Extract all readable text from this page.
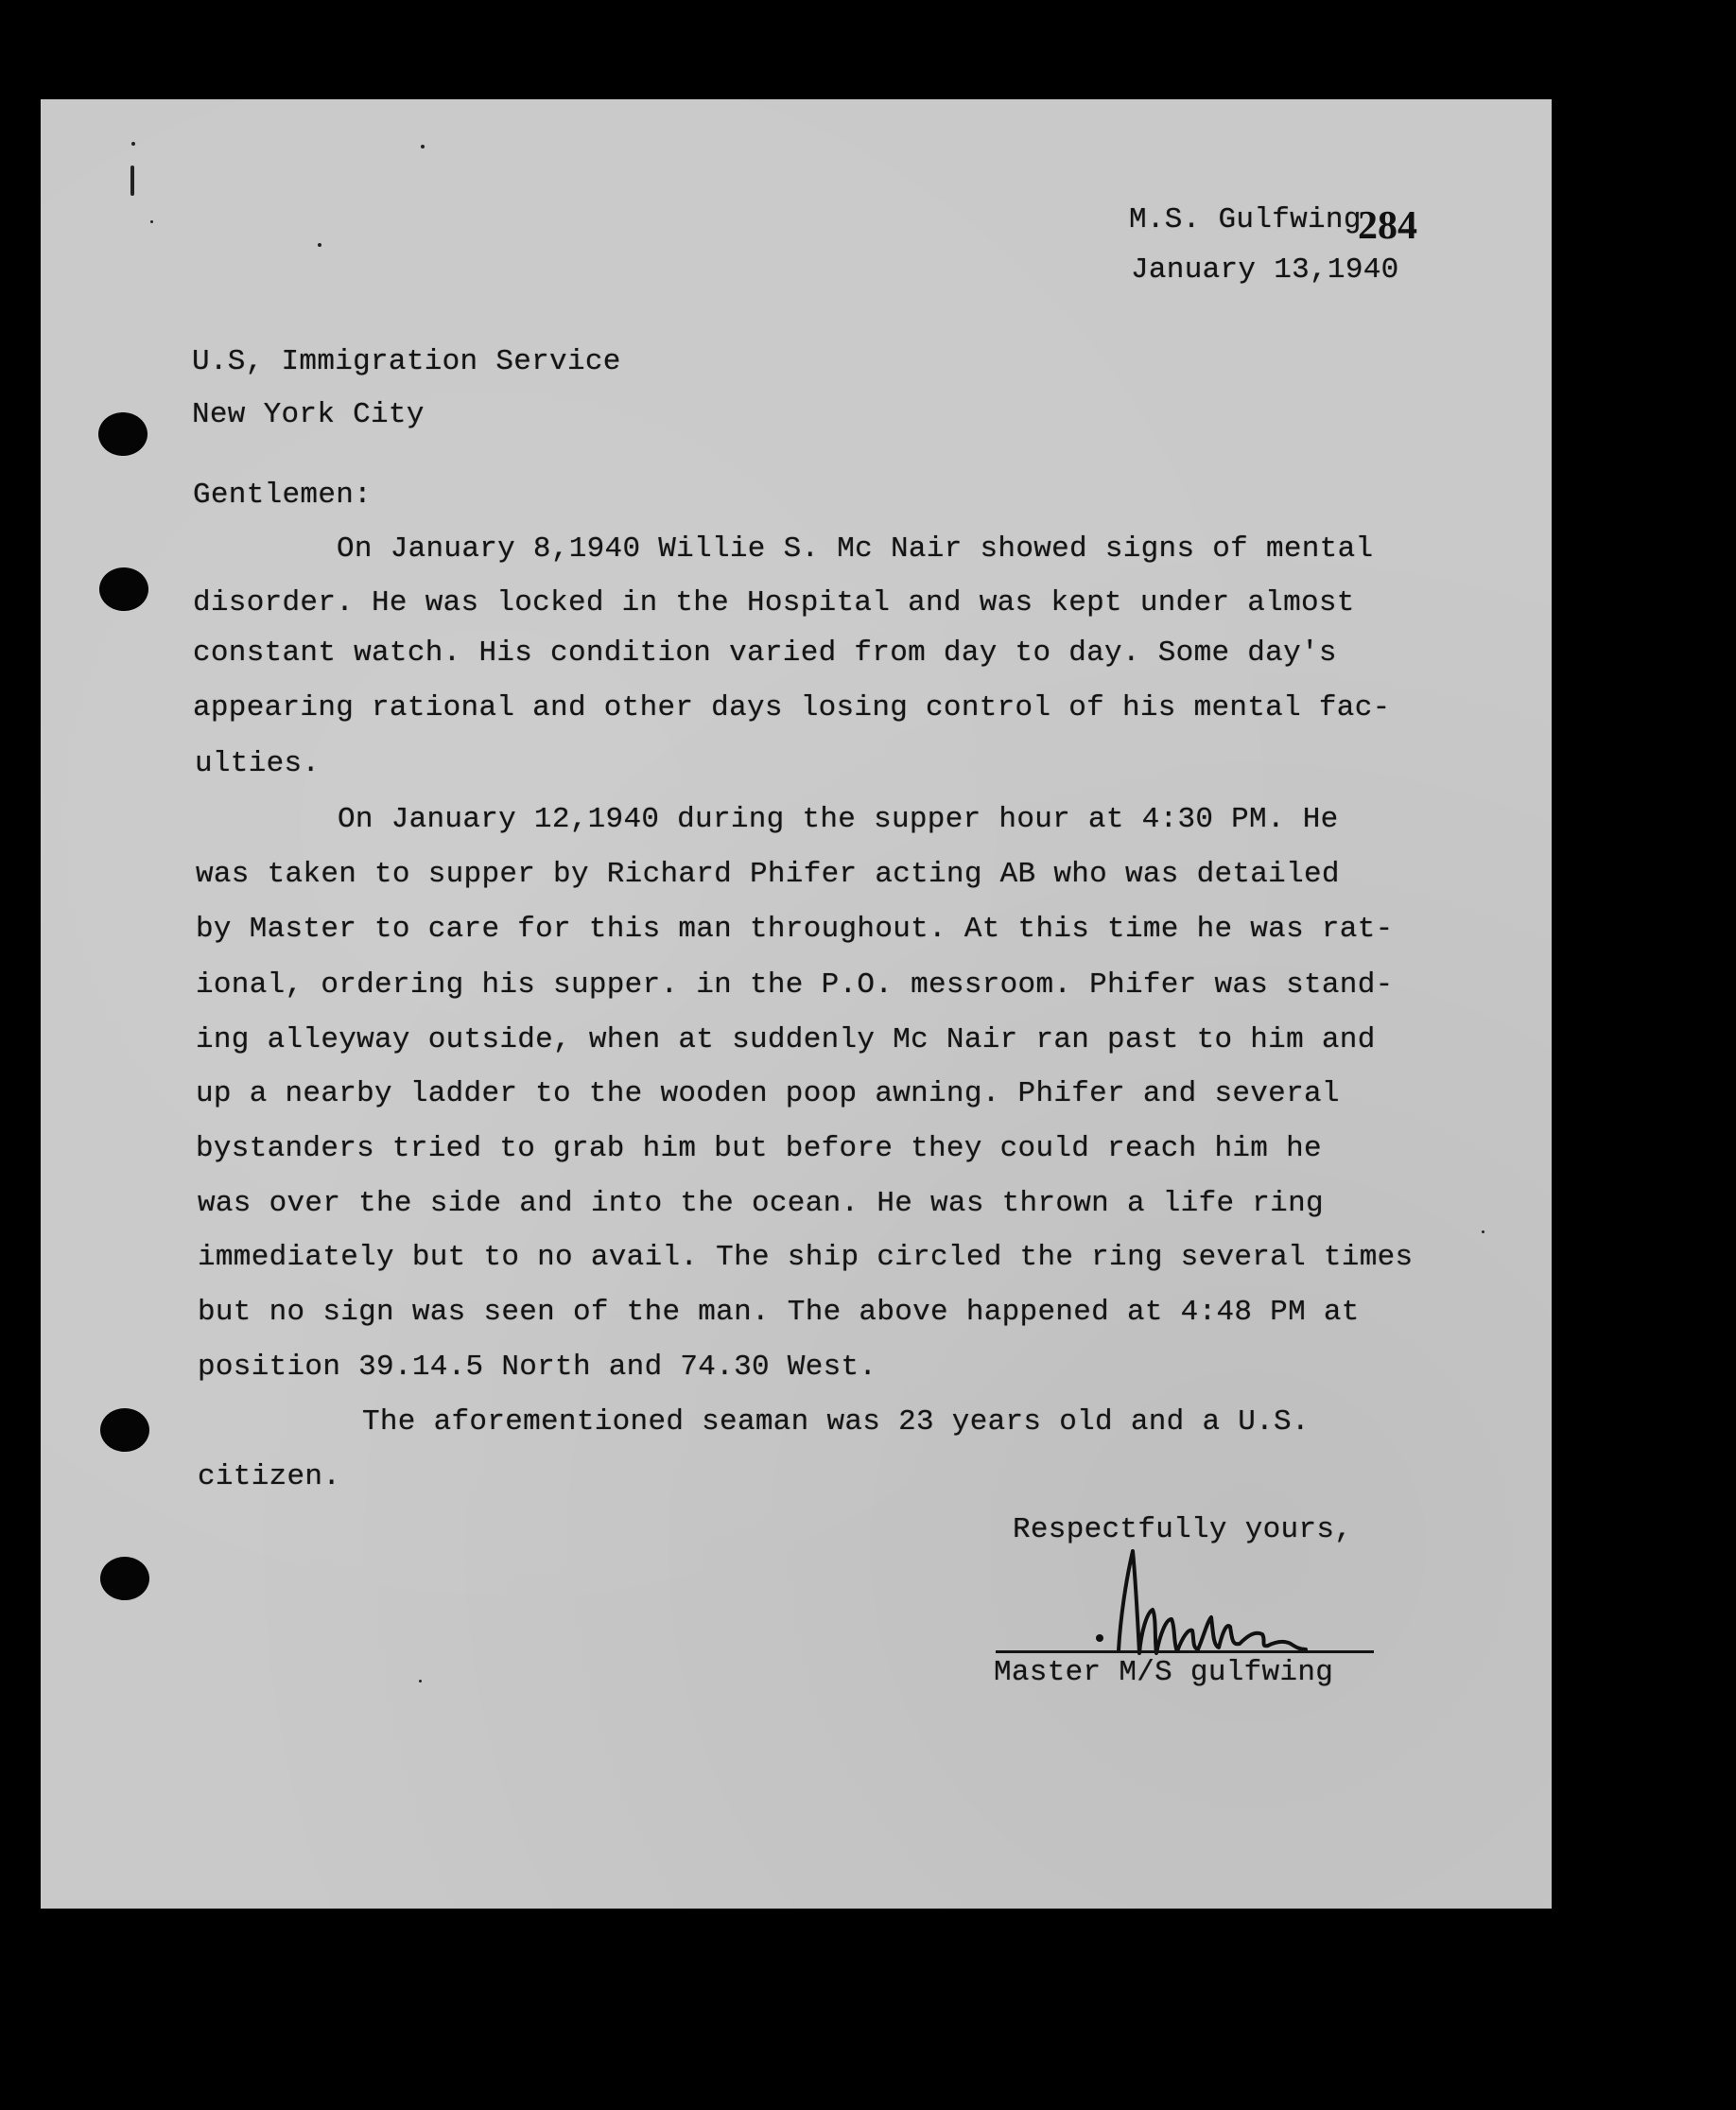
M.S. Gulfwing
284
January 13,1940
U.S, Immigration Service
New York City
Gentlemen:
On January 8,1940 Willie S. Mc Nair showed signs of mental
disorder. He was locked in the Hospital and was kept under almost
constant watch. His condition varied from day to day. Some day's
appearing rational and other days losing control of his mental fac-
ulties.
On January 12,1940 during the supper hour at 4:30 PM. He
was taken to supper by Richard Phifer acting AB who was detailed
by Master to care for this man throughout. At this time he was rat-
ional, ordering his supper. in the P.O. messroom. Phifer was stand-
ing alleyway outside, when at suddenly Mc Nair ran past to him and
up a nearby ladder to the wooden poop awning. Phifer and several
bystanders tried to grab him but before they could reach him he
was over the side and into the ocean. He was thrown a life ring
immediately but to no avail. The ship circled the ring several times
but no sign was seen of the man. The above happened at 4:48 PM at
position 39.14.5 North and 74.30 West.
The aforementioned seaman was 23 years old and a U.S.
citizen.
Respectfully yours,
Master M/S gulfwing
